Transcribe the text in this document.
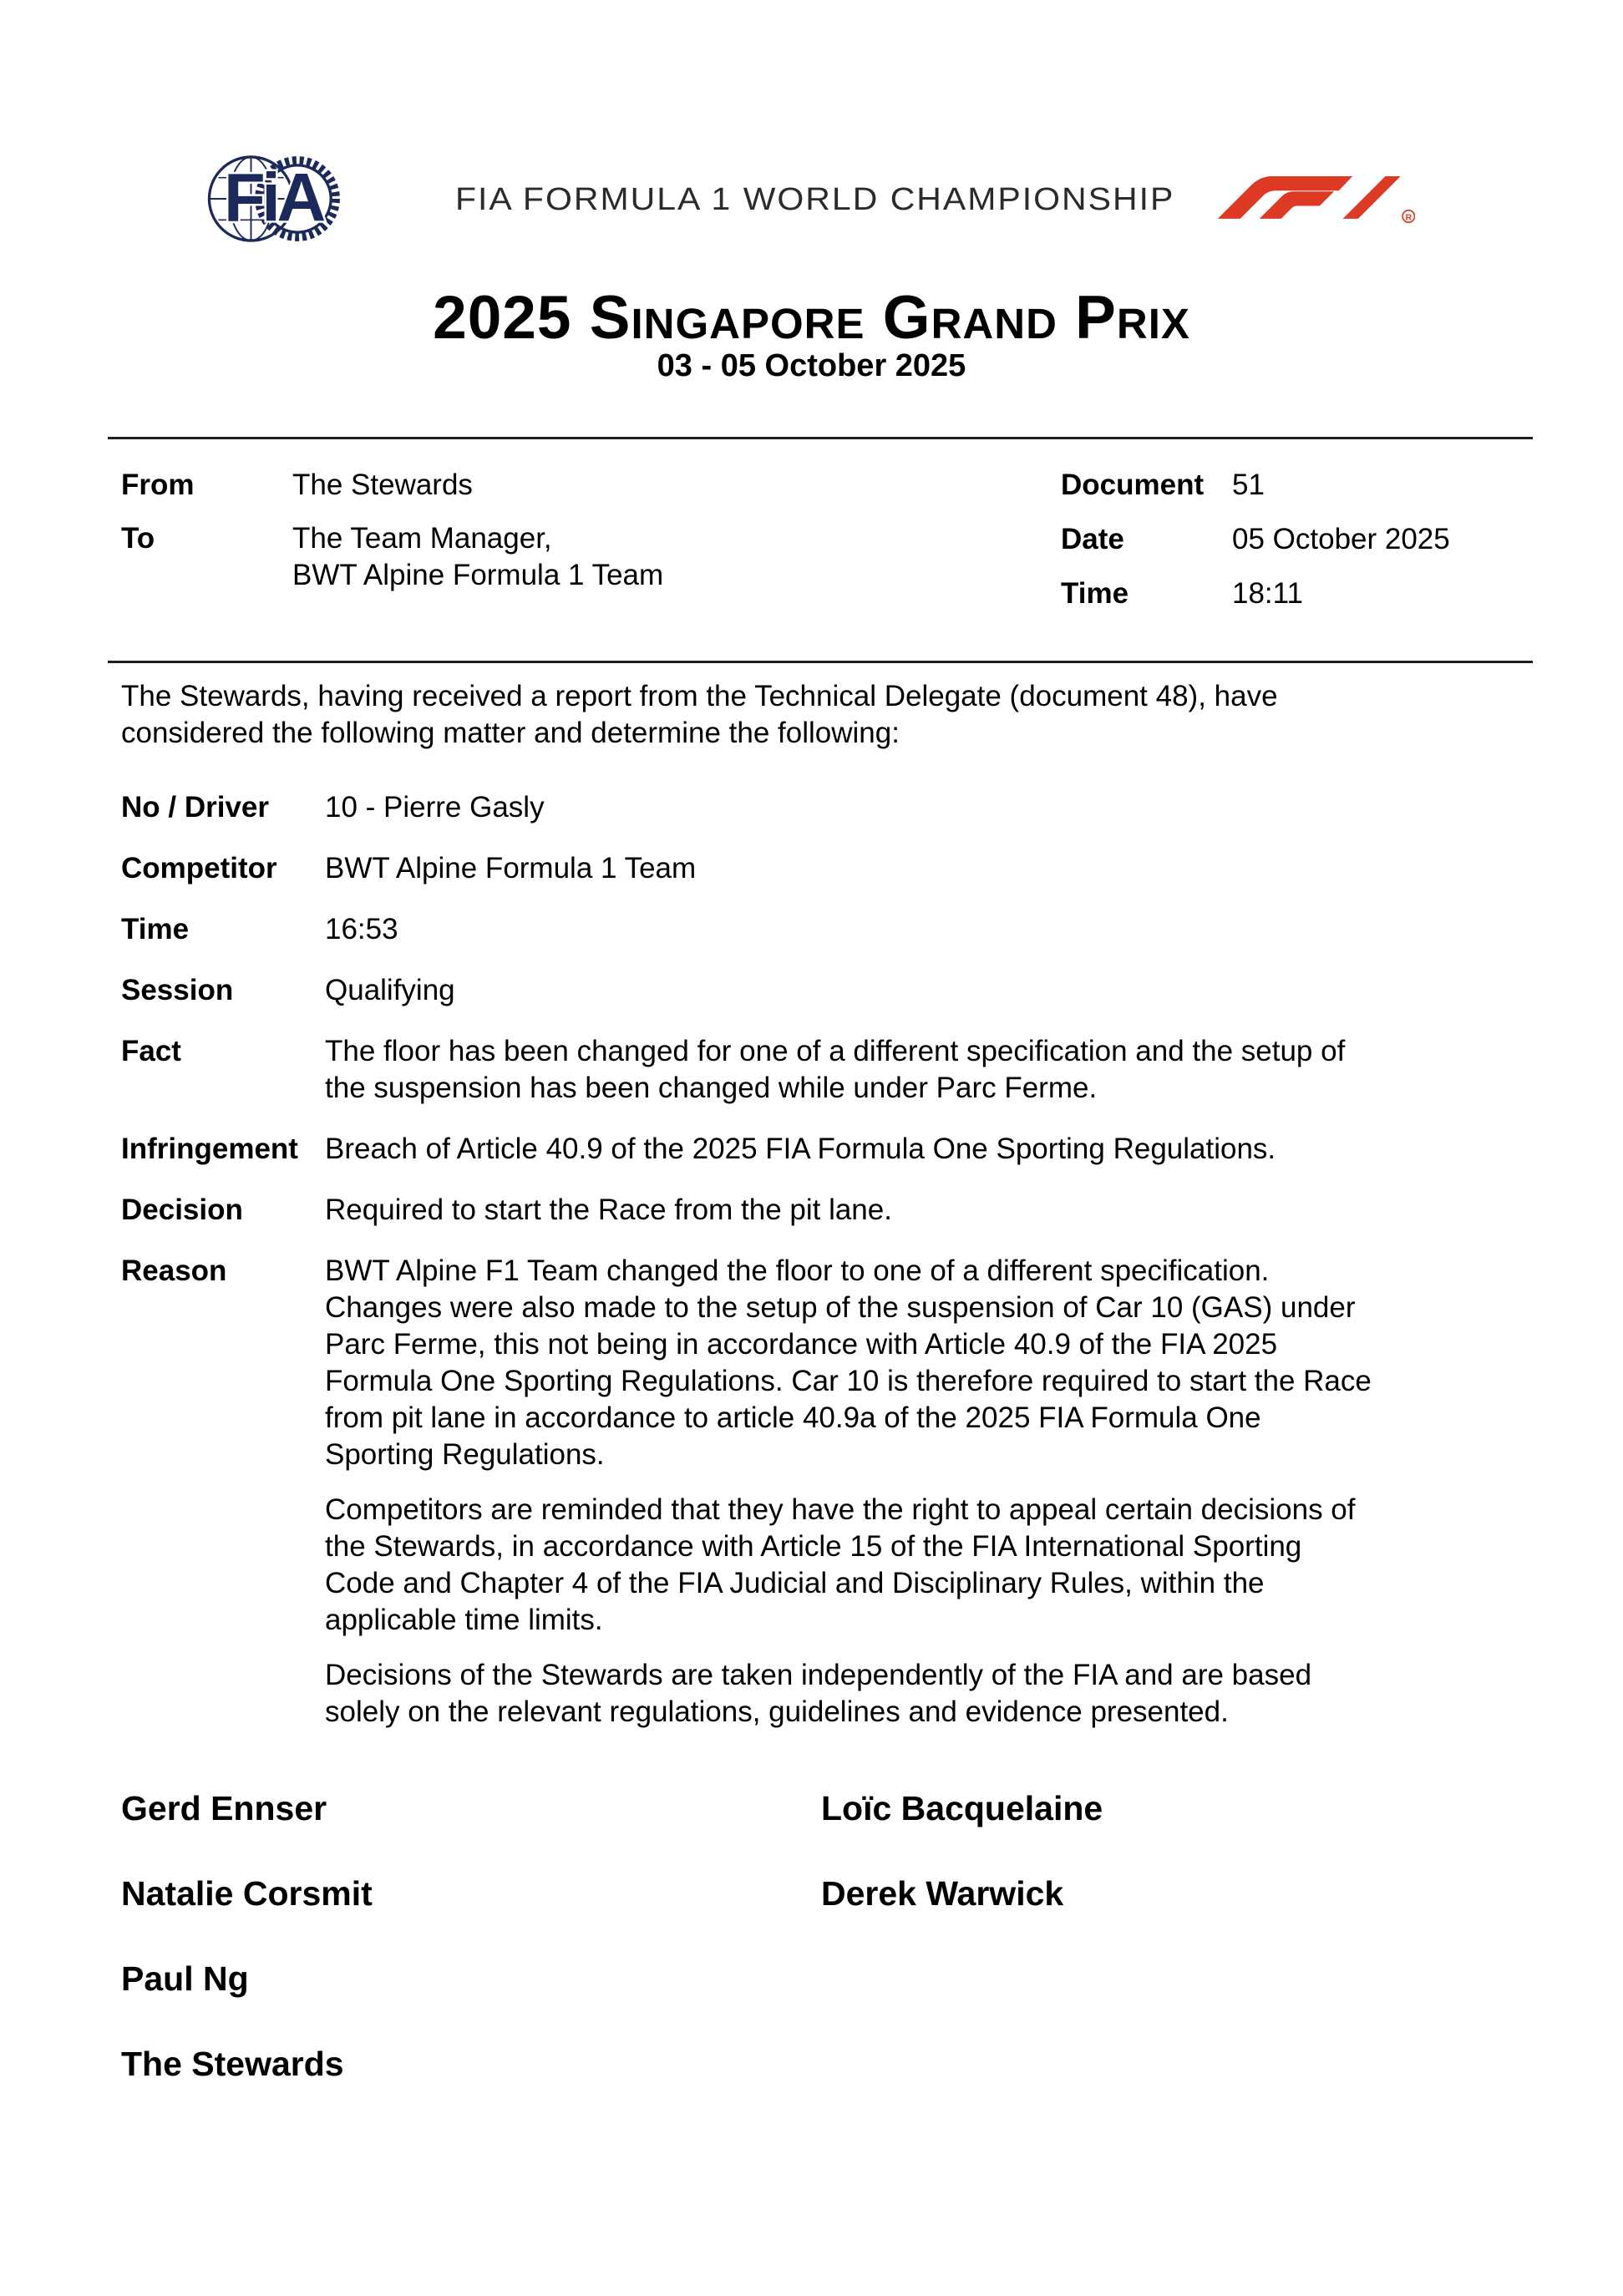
FiA	FIA FORMULA 1 WORLD CHAMPIONSHIP
R
2025 Singapore Grand Prix
03 - 05 October 2025
From	The Stewards
To	The Team Manager,
BWT Alpine Formula 1 Team
Document 51
Date	05 October 2025
Time	18:11
The Stewards, having received a report from the Technical Delegate (document 48), have considered the following matter and determine the following:
No / Driver	10 - Pierre Gasly
Competitor	BWT Alpine Formula 1 Team
Time	16:53
Session	Qualifying
Fact	The floor has been changed for one of a different specification and the setup of the suspension has been changed while under Parc Ferme.
Infringement Breach of Article 40.9 of the 2025 FIA Formula One Sporting Regulations.
Decision	Required to start the Race from the pit lane.
Reason	BWT Alpine F1 Team changed the floor to one of a different specification. Changes were also made to the setup of the suspension of Car 10 (GAS) under Parc Ferme, this not being in accordance with Article 40.9 of the FIA 2025 Formula One Sporting Regulations. Car 10 is therefore required to start the Race from pit lane in accordance to article 40.9a of the 2025 FIA Formula One Sporting Regulations.

Competitors are reminded that they have the right to appeal certain decisions of the Stewards, in accordance with Article 15 of the FIA International Sporting Code and Chapter 4 of the FIA Judicial and Disciplinary Rules, within the applicable time limits.

Decisions of the Stewards are taken independently of the FIA and are based solely on the relevant regulations, guidelines and evidence presented.

Gerd Ennser	Loïc Bacquelaine
Natalie Corsmit	Derek Warwick
Paul Ng
The Stewards
